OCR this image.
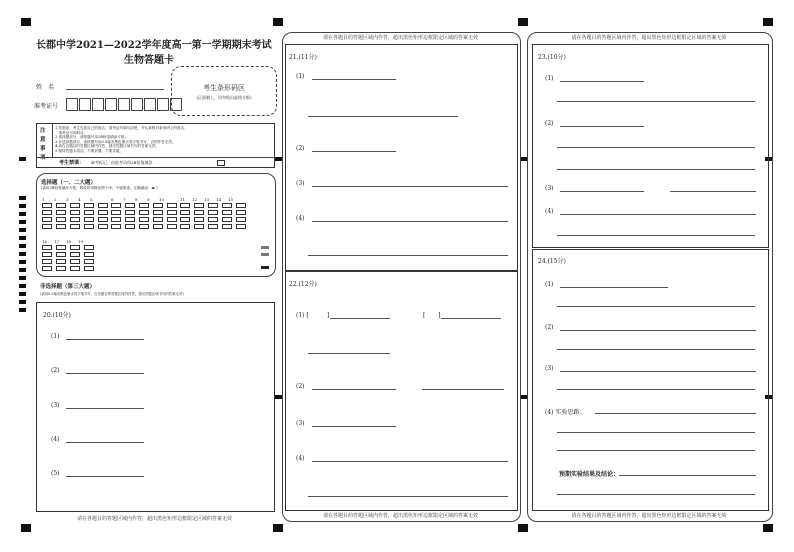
长郡中学2021—2022学年度高一第一学期期末考试
生物答题卡
姓　名
准考证号
考生条形码区
(正面朝上，切勿贴出虚线方框)
注意事项
1.答题前，考生先将自己的姓名、准考证号填写清楚，并认真核对条形码上的姓名、
　准考证号和科目。
2.选择题部分，请按题号用2B铅笔填涂方框。
3.非选择题部分，请按题号用0.5毫米黑色墨水签字笔书写，否则作答无效。
4.请在各题目的答题区域内作答，超出答题区域书写的答案无效。
5.保持答题卡清洁，不要折叠、不要弄破。
考生禁填： 缺考标记，由监考员用2B铅笔填涂
选择题（一、二大题）
(请用2B铅笔填涂方框，修改时用橡皮擦干净，不留痕迹。正确填涂：▬ )
1	2	3	4	5	6	7	8	9	10	11	12	13	14	15
16	17	18	19
非选择题（第三大题）
(请用0.5毫米黑色墨水签字笔书写，在各题目的答题区域内作答，超出答题区域书写的答案无效)
20.(10分)
(1)
(2)
(3)
(4)
(5)
请在各题目的答题区域内作答，超出黑色矩形边框限定区域的答案无效
请在各题目的答题区域内作答，超出黑色矩形边框限定区域的答案无效
21.(11分)
(1)
(2)
(3)
(4)
22.(12分)
(1) [	]	[ ]
(2)
(3)
(4)
请在各题目的答题区域内作答，超出黑色矩形边框限定区域的答案无效
请在各题目的答题区域内作答，超出黑色矩形边框限定区域的答案无效
23.(10分)
(1)
(2)
(3)
(4)
24.(15分)
(1)
(2)
(3)
(4) 实验思路：
预期实验结果及结论：
请在各题目的答题区域内作答，超出黑色矩形边框限定区域的答案无效
